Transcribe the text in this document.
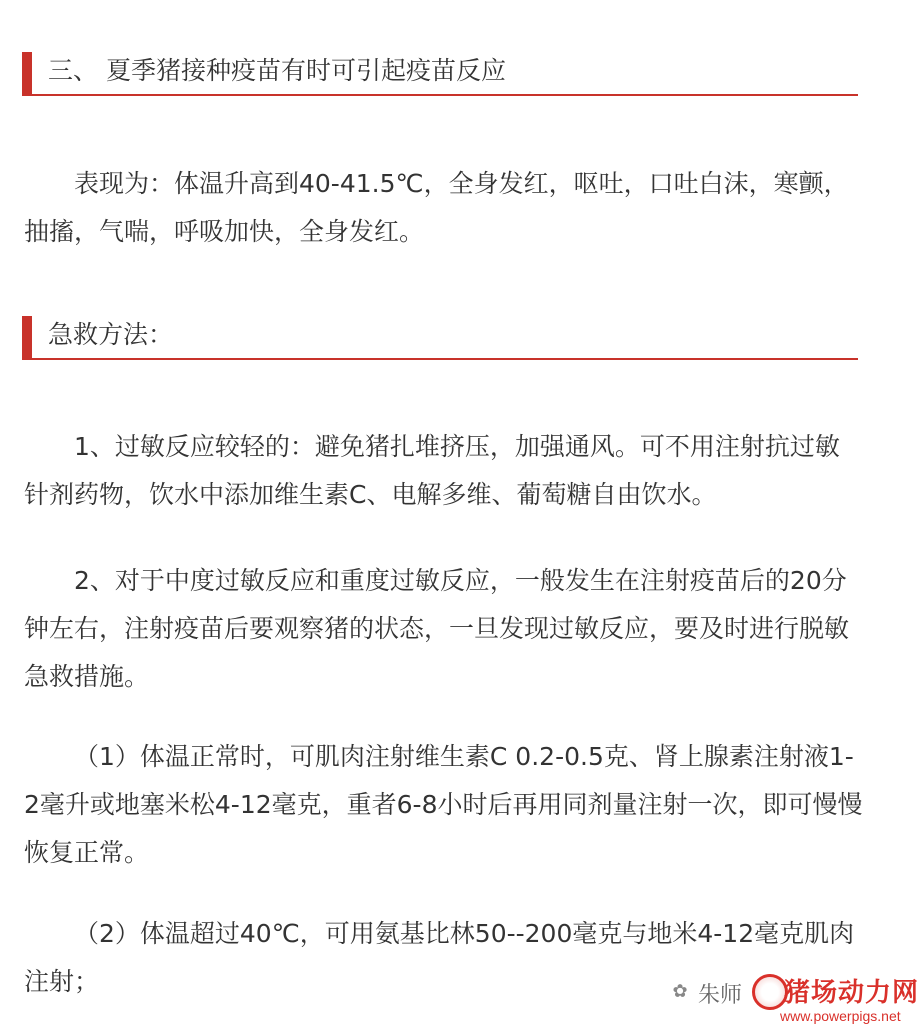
三、 夏季猪接种疫苗有时可引起疫苗反应

表现为：体温升高到40-41.5℃，全身发红，呕吐，口吐白沫，寒颤，抽搐，气喘，呼吸加快，全身发红。

急救方法：

1、过敏反应较轻的：避免猪扎堆挤压，加强通风。可不用注射抗过敏针剂药物，饮水中添加维生素C、电解多维、葡萄糖自由饮水。

2、对于中度过敏反应和重度过敏反应，一般发生在注射疫苗后的20分钟左右，注射疫苗后要观察猪的状态，一旦发现过敏反应，要及时进行脱敏急救措施。

（1）体温正常时，可肌肉注射维生素C 0.2-0.5克、肾上腺素注射液1-2毫升或地塞米松4-12毫克，重者6-8小时后再用同剂量注射一次，即可慢慢恢复正常。

（2）体温超过40℃，可用氨基比林50--200毫克与地米4-12毫克肌肉注射；	✿ 朱师 猪场动力网
www.powerpigs.net
